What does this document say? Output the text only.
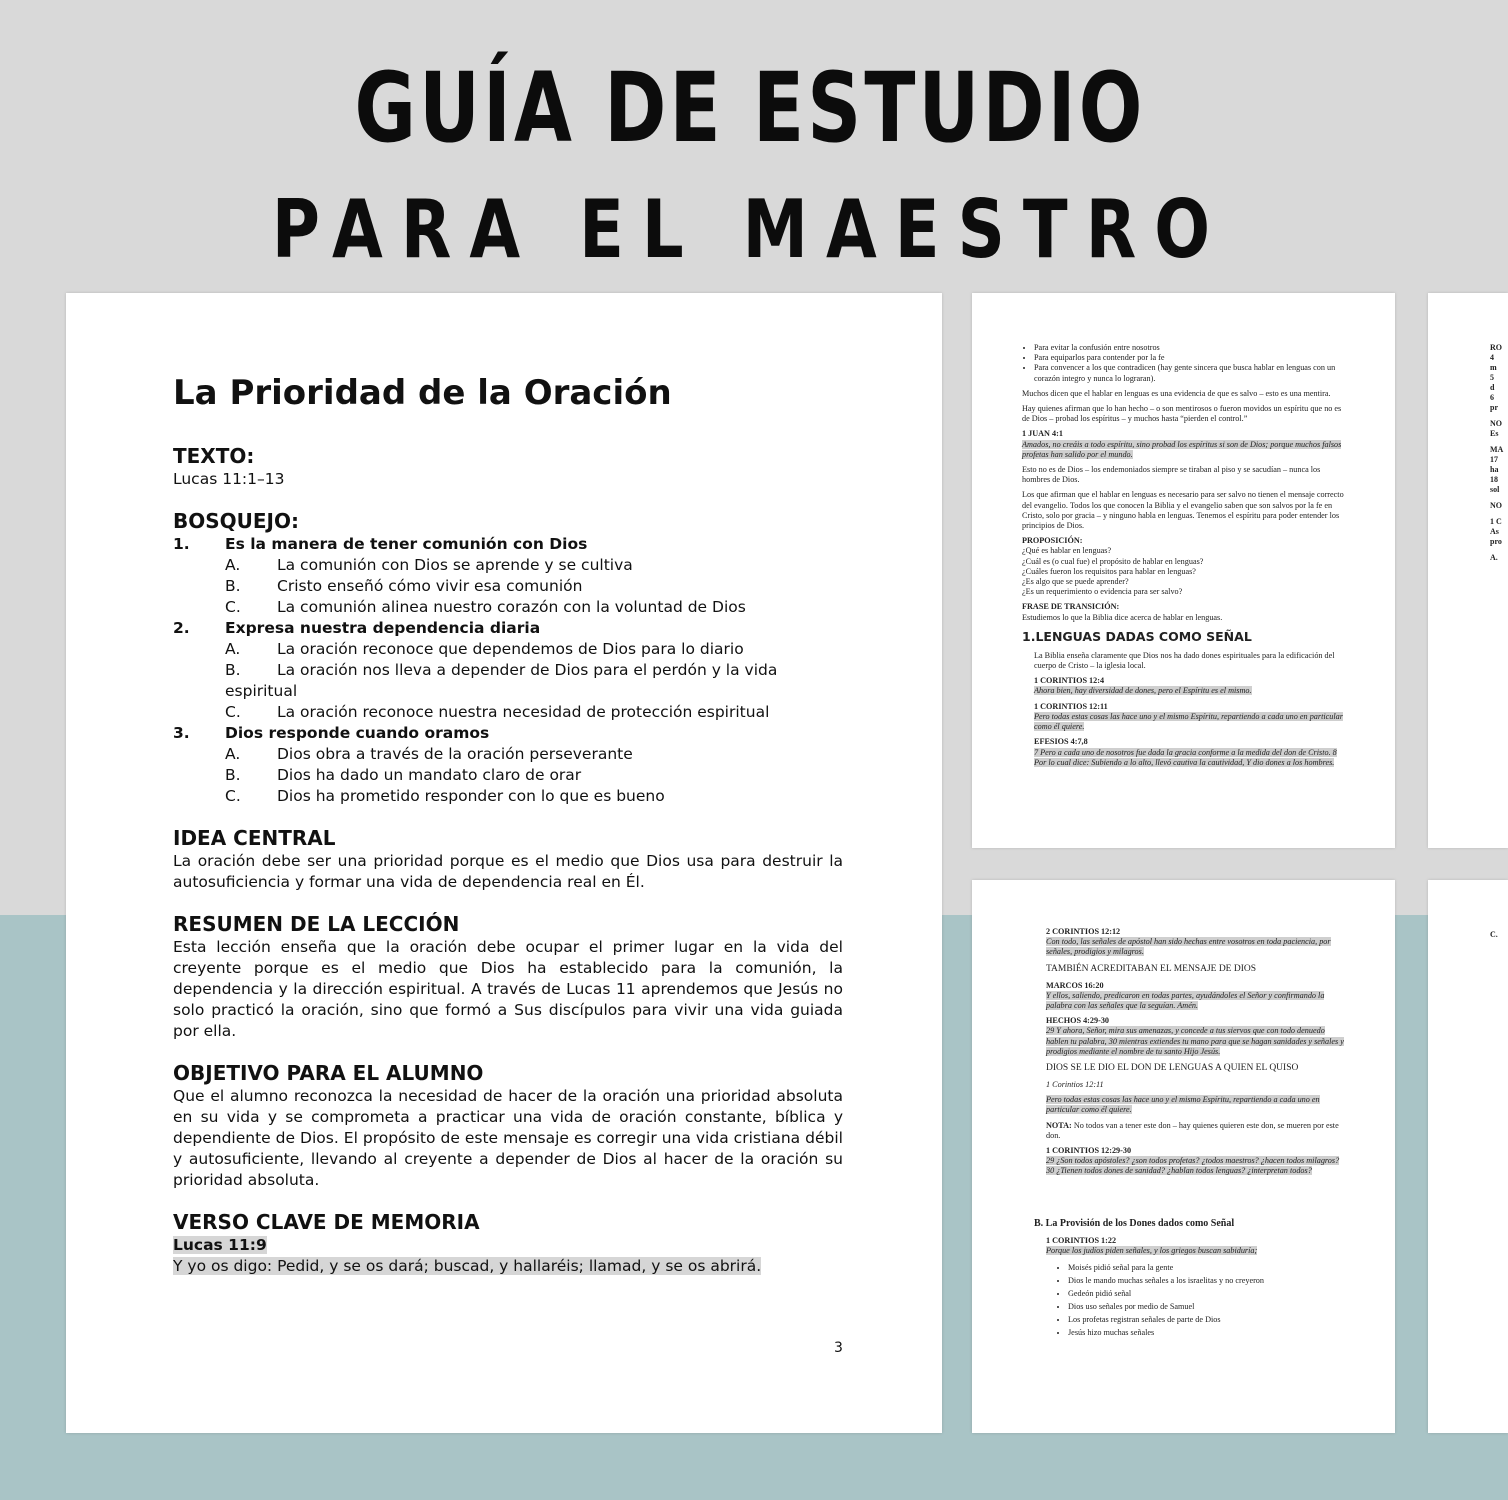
GUÍA DE ESTUDIO
PARA EL MAESTRO
La Prioridad de la Oración
TEXTO:
Lucas 11:1–13
BOSQUEJO:
1. Es la manera de tener comunión con Dios
A. La comunión con Dios se aprende y se cultiva
B. Cristo enseñó cómo vivir esa comunión
C. La comunión alinea nuestro corazón con la voluntad de Dios
2. Expresa nuestra dependencia diaria
A. La oración reconoce que dependemos de Dios para lo diario
B. La oración nos lleva a depender de Dios para el perdón y la vida espiritual
C. La oración reconoce nuestra necesidad de protección espiritual
3. Dios responde cuando oramos
A. Dios obra a través de la oración perseverante
B. Dios ha dado un mandato claro de orar
C. Dios ha prometido responder con lo que es bueno
IDEA CENTRAL
La oración debe ser una prioridad porque es el medio que Dios usa para destruir la autosuficiencia y formar una vida de dependencia real en Él.
RESUMEN DE LA LECCIÓN
Esta lección enseña que la oración debe ocupar el primer lugar en la vida del creyente porque es el medio que Dios ha establecido para la comunión, la dependencia y la dirección espiritual. A través de Lucas 11 aprendemos que Jesús no solo practicó la oración, sino que formó a Sus discípulos para vivir una vida guiada por ella.
OBJETIVO PARA EL ALUMNO
Que el alumno reconozca la necesidad de hacer de la oración una prioridad absoluta en su vida y se comprometa a practicar una vida de oración constante, bíblica y dependiente de Dios. El propósito de este mensaje es corregir una vida cristiana débil y autosuficiente, llevando al creyente a depender de Dios al hacer de la oración su prioridad absoluta.
VERSO CLAVE DE MEMORIA
Lucas 11:9
Y yo os digo: Pedid, y se os dará; buscad, y hallaréis; llamad, y se os abrirá.
3
• Para evitar la confusión entre nosotros
• Para equiparlos para contender por la fe
• Para convencer a los que contradicen (hay gente sincera que busca hablar en lenguas con un corazón integro y nunca lo lograran).

Muchos dicen que el hablar en lenguas es una evidencia de que es salvo – esto es una mentira.

Hay quienes afirman que lo han hecho – o son mentirosos o fueron movidos un espíritu que no es de Dios – probad los espíritus – y muchos hasta “pierden el control.”

1 JUAN 4:1

Amados, no creáis a todo espíritu, sino probad los espíritus si son de Dios; porque muchos falsos profetas han salido por el mundo.

Esto no es de Dios – los endemoniados siempre se tiraban al piso y se sacudían – nunca los hombres de Dios.

Los que afirman que el hablar en lenguas es necesario para ser salvo no tienen el mensaje correcto del evangelio. Todos los que conocen la Biblia y el evangelio saben que son salvos por la fe en Cristo, solo por gracia – y ninguno habla en lenguas. Tenemos el espíritu para poder entender los principios de Dios.

PROPOSICIÓN:
¿Qué es hablar en lenguas?
¿Cuál es (o cual fue) el propósito de hablar en lenguas?
¿Cuáles fueron los requisitos para hablar en lenguas?
¿Es algo que se puede aprender?

¿Es un requerimiento o evidencia para ser salvo?

FRASE DE TRANSICIÓN:

Estudiemos lo que la Biblia dice acerca de hablar en lenguas.

1.LENGUAS DADAS COMO SEÑAL

La Biblia enseña claramente que Dios nos ha dado dones espirituales para la edificación del cuerpo de Cristo – la iglesia local.

1 CORINTIOS 12:4

Ahora bien, hay diversidad de dones, pero el Espíritu es el mismo.

1 CORINTIOS 12:11

Pero todas estas cosas las hace uno y el mismo Espíritu, repartiendo a cada uno en particular como él quiere.

EFESIOS 4:7,8

7 Pero a cada uno de nosotros fue dada la gracia conforme a la medida del don de Cristo. 8 Por lo cual dice: Subiendo a lo alto, llevó cautiva la cautividad, Y dio dones a los hombres.

2 CORINTIOS 12:12

Con todo, las señales de apóstol han sido hechas entre vosotros en toda paciencia, por señales, prodigios y milagros.

TAMBIÉN ACREDITABAN EL MENSAJE DE DIOS
MARCOS 16:20

Y ellos, saliendo, predicaron en todas partes, ayudándoles el Señor y confirmando la palabra con las señales que la seguían. Amén.

HECHOS 4:29-30

29 Y ahora, Señor, mira sus amenazas, y concede a tus siervos que con todo denuedo hablen tu palabra, 30 mientras extiendes tu mano para que se hagan sanidades y señales y prodigios mediante el nombre de tu santo Hijo Jesús.

DIOS SE LE DIO EL DON DE LENGUAS A QUIEN EL QUISO

1 Corintios 12:11

Pero todas estas cosas las hace uno y el mismo Espíritu, repartiendo a cada uno en particular como él quiere.

NOTA: No todos van a tener este don – hay quienes quieren este don, se mueren por este don.

1 CORINTIOS 12:29-30

29 ¿Son todos apóstoles? ¿son todos profetas? ¿todos maestros? ¿hacen todos milagros? 30 ¿Tienen todos dones de sanidad? ¿hablan todos lenguas? ¿interpretan todos?

B. La Provisión de los Dones dados como Señal
1 CORINTIOS 1:22

Porque los judíos piden señales, y los griegos buscan sabiduría;

• Moisés pidió señal para la gente
• Dios le mando muchas señales a los israelitas y no creyeron
• Gedeón pidió señal
• Dios uso señales por medio de Samuel
• Los profetas registran señales de parte de Dios
• Jesús hizo muchas señales
RO
4
m
5
d
6
pr
NO
Es
MA
17
ha
18
sol
NO
1 C
As
pro
A.
C.
